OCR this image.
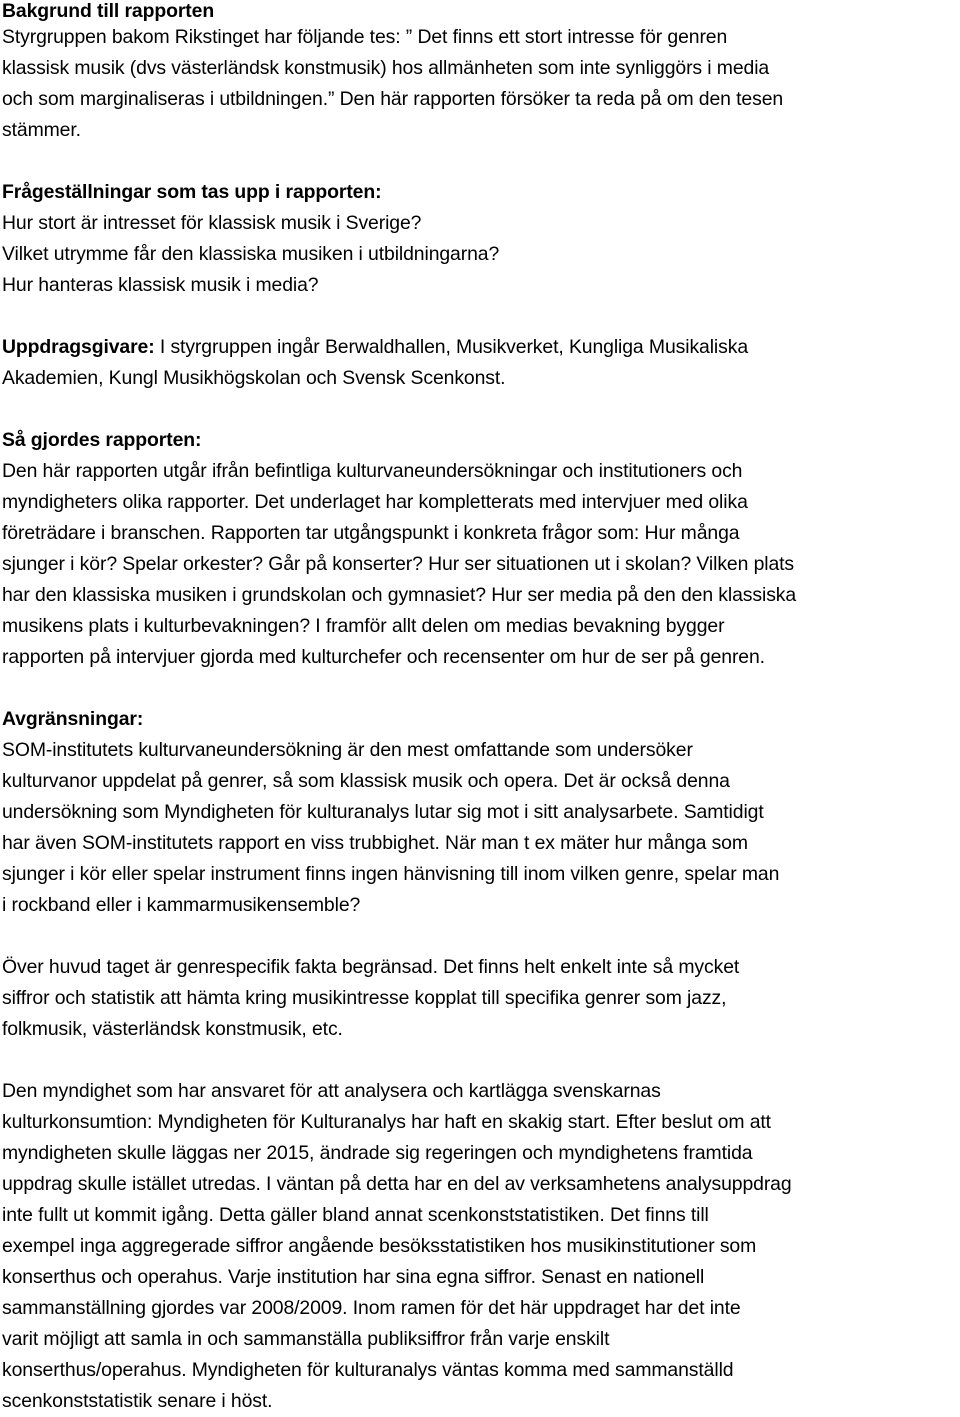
Bakgrund till rapporten
Styrgruppen bakom Rikstinget har följande tes: ” Det finns ett stort intresse för genren
klassisk musik (dvs västerländsk konstmusik) hos allmänheten som inte synliggörs i media
och som marginaliseras i utbildningen.” Den här rapporten försöker ta reda på om den tesen
stämmer.
Frågeställningar som tas upp i rapporten:
Hur stort är intresset för klassisk musik i Sverige?
Vilket utrymme får den klassiska musiken i utbildningarna?
Hur hanteras klassisk musik i media?
Uppdragsgivare: I styrgruppen ingår Berwaldhallen, Musikverket, Kungliga Musikaliska
Akademien, Kungl Musikhögskolan och Svensk Scenkonst.
Så gjordes rapporten:
Den här rapporten utgår ifrån befintliga kulturvaneundersökningar och institutioners och
myndigheters olika rapporter. Det underlaget har kompletterats med intervjuer med olika
företrädare i branschen. Rapporten tar utgångspunkt i konkreta frågor som: Hur många
sjunger i kör? Spelar orkester? Går på konserter? Hur ser situationen ut i skolan? Vilken plats
har den klassiska musiken i grundskolan och gymnasiet? Hur ser media på den den klassiska
musikens plats i kulturbevakningen? I framför allt delen om medias bevakning bygger
rapporten på intervjuer gjorda med kulturchefer och recensenter om hur de ser på genren.
Avgränsningar:
SOM-institutets kulturvaneundersökning är den mest omfattande som undersöker
kulturvanor uppdelat på genrer, så som klassisk musik och opera. Det är också denna
undersökning som Myndigheten för kulturanalys lutar sig mot i sitt analysarbete. Samtidigt
har även SOM-institutets rapport en viss trubbighet. När man t ex mäter hur många som
sjunger i kör eller spelar instrument finns ingen hänvisning till inom vilken genre, spelar man
i rockband eller i kammarmusikensemble?
Över huvud taget är genrespecifik fakta begränsad. Det finns helt enkelt inte så mycket
siffror och statistik att hämta kring musikintresse kopplat till specifika genrer som jazz,
folkmusik, västerländsk konstmusik, etc.
Den myndighet som har ansvaret för att analysera och kartlägga svenskarnas
kulturkonsumtion: Myndigheten för Kulturanalys har haft en skakig start. Efter beslut om att
myndigheten skulle läggas ner 2015, ändrade sig regeringen och myndighetens framtida
uppdrag skulle istället utredas. I väntan på detta har en del av verksamhetens analysuppdrag
inte fullt ut kommit igång. Detta gäller bland annat scenkonststatistiken. Det finns till
exempel inga aggregerade siffror angående besöksstatistiken hos musikinstitutioner som
konserthus och operahus. Varje institution har sina egna siffror. Senast en nationell
sammanställning gjordes var 2008/2009. Inom ramen för det här uppdraget har det inte
varit möjligt att samla in och sammanställa publiksiffror från varje enskilt
konserthus/operahus. Myndigheten för kulturanalys väntas komma med sammanställd
scenkonststatistik senare i höst.
